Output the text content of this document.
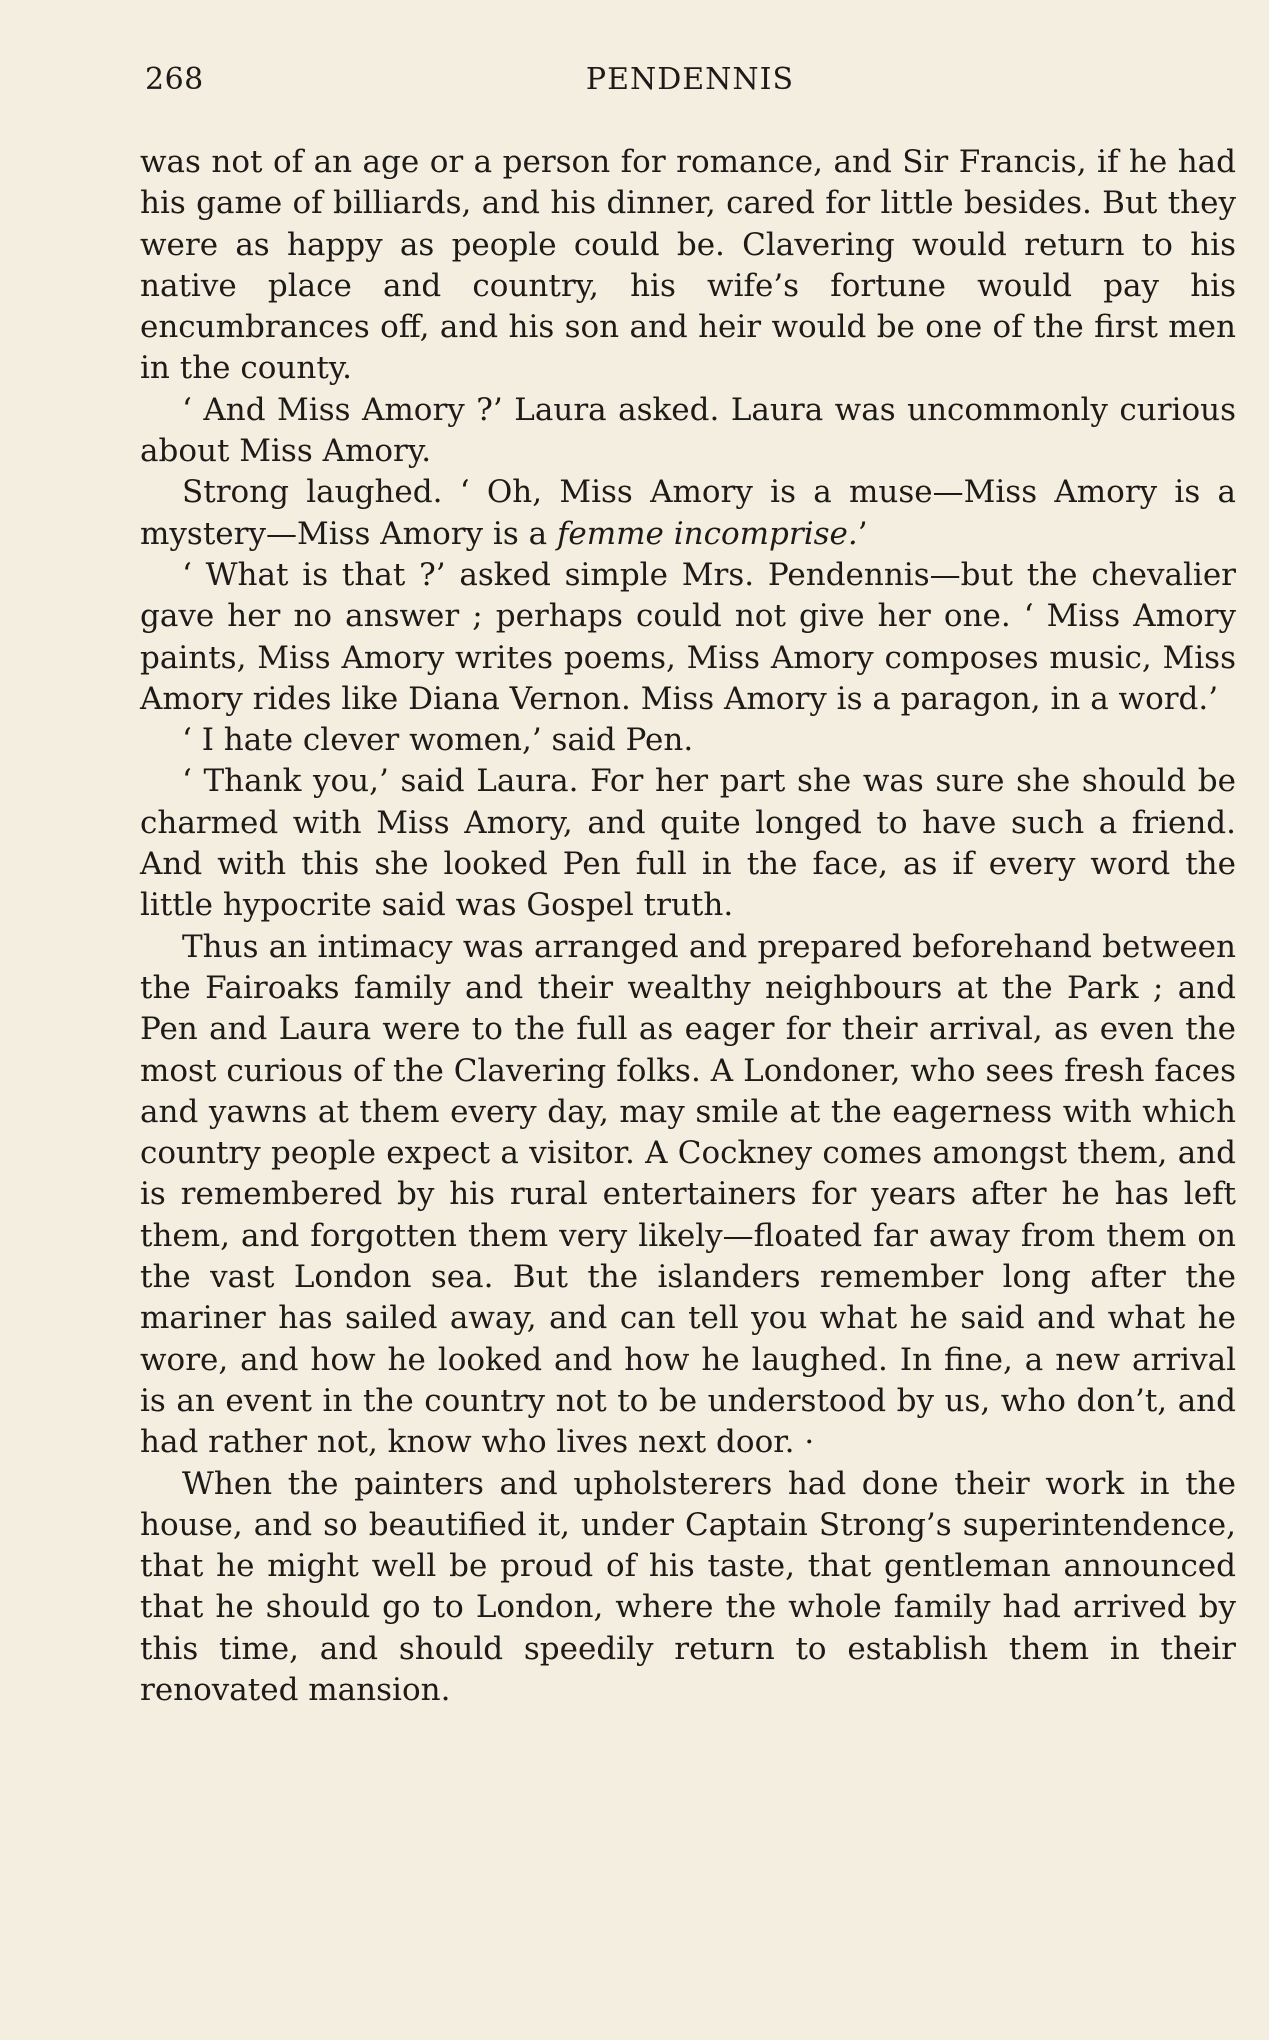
268	PENDENNIS

was not of an age or a person for romance, and Sir Francis, if he had his game of billiards, and his dinner, cared for little besides. But they were as happy as people could be. Clavering would return to his native place and country, his wife’s fortune would pay his encumbrances off, and his son and heir would be one of the first men in the county.

‘ And Miss Amory ?’ Laura asked. Laura was uncommonly curious about Miss Amory.

Strong laughed. ‘ Oh, Miss Amory is a muse—Miss Amory is a mystery—Miss Amory is a femme incomprise.’

‘ What is that ?’ asked simple Mrs. Pendennis—but the chevalier gave her no answer ; perhaps could not give her one. ‘ Miss Amory paints, Miss Amory writes poems, Miss Amory composes music, Miss Amory rides like Diana Vernon. Miss Amory is a paragon, in a word.’

‘ I hate clever women,’ said Pen.

‘ Thank you,’ said Laura. For her part she was sure she should be charmed with Miss Amory, and quite longed to have such a friend. And with this she looked Pen full in the face, as if every word the little hypocrite said was Gospel truth.

Thus an intimacy was arranged and prepared beforehand between the Fairoaks family and their wealthy neighbours at the Park ; and Pen and Laura were to the full as eager for their arrival, as even the most curious of the Clavering folks. A Londoner, who sees fresh faces and yawns at them every day, may smile at the eagerness with which country people expect a visitor. A Cockney comes amongst them, and is remembered by his rural entertainers for years after he has left them, and forgotten them very likely—floated far away from them on the vast London sea. But the islanders remember long after the mariner has sailed away, and can tell you what he said and what he wore, and how he looked and how he laughed. In fine, a new arrival is an event in the country not to be understood by us, who don’t, and had rather not, know who lives next door. ·

When the painters and upholsterers had done their work in the house, and so beautified it, under Captain Strong’s superintendence, that he might well be proud of his taste, that gentleman announced that he should go to London, where the whole family had arrived by this time, and should speedily return to establish them in their renovated mansion.
